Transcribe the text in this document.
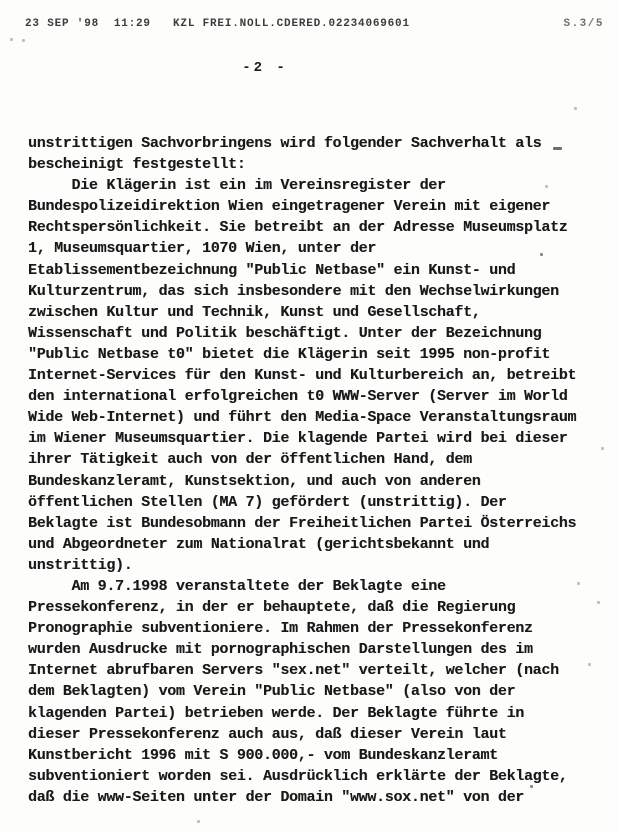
23 SEP '98  11:29   KZL FREI.NOLL.CDERED.02234069601	S.3/5
-2 -
unstrittigen Sachvorbringens wird folgender Sachverhalt als
bescheinigt festgestellt:
Die Klägerin ist ein im Vereinsregister der
Bundespolizeidirektion Wien eingetragener Verein mit eigener
Rechtspersönlichkeit. Sie betreibt an der Adresse Museumsplatz
1, Museumsquartier, 1070 Wien, unter der
Etablissementbezeichnung "Public Netbase" ein Kunst- und
Kulturzentrum, das sich insbesondere mit den Wechselwirkungen
zwischen Kultur und Technik, Kunst und Gesellschaft,
Wissenschaft und Politik beschäftigt. Unter der Bezeichnung
"Public Netbase t0" bietet die Klägerin seit 1995 non-profit
Internet-Services für den Kunst- und Kulturbereich an, betreibt
den international erfolgreichen t0 WWW-Server (Server im World
Wide Web-Internet) und führt den Media-Space Veranstaltungsraum
im Wiener Museumsquartier. Die klagende Partei wird bei dieser
ihrer Tätigkeit auch von der öffentlichen Hand, dem
Bundeskanzleramt, Kunstsektion, und auch von anderen
öffentlichen Stellen (MA 7) gefördert (unstrittig). Der
Beklagte ist Bundesobmann der Freiheitlichen Partei Österreichs
und Abgeordneter zum Nationalrat (gerichtsbekannt und
unstrittig).
Am 9.7.1998 veranstaltete der Beklagte eine
Pressekonferenz, in der er behauptete, daß die Regierung
Pronographie subventioniere. Im Rahmen der Pressekonferenz
wurden Ausdrucke mit pornographischen Darstellungen des im
Internet abrufbaren Servers "sex.net" verteilt, welcher (nach
dem Beklagten) vom Verein "Public Netbase" (also von der
klagenden Partei) betrieben werde. Der Beklagte führte in
dieser Pressekonferenz auch aus, daß dieser Verein laut
Kunstbericht 1996 mit S 900.000,- vom Bundeskanzleramt
subventioniert worden sei. Ausdrücklich erklärte der Beklagte,
daß die www-Seiten unter der Domain "www.sox.net" von der
